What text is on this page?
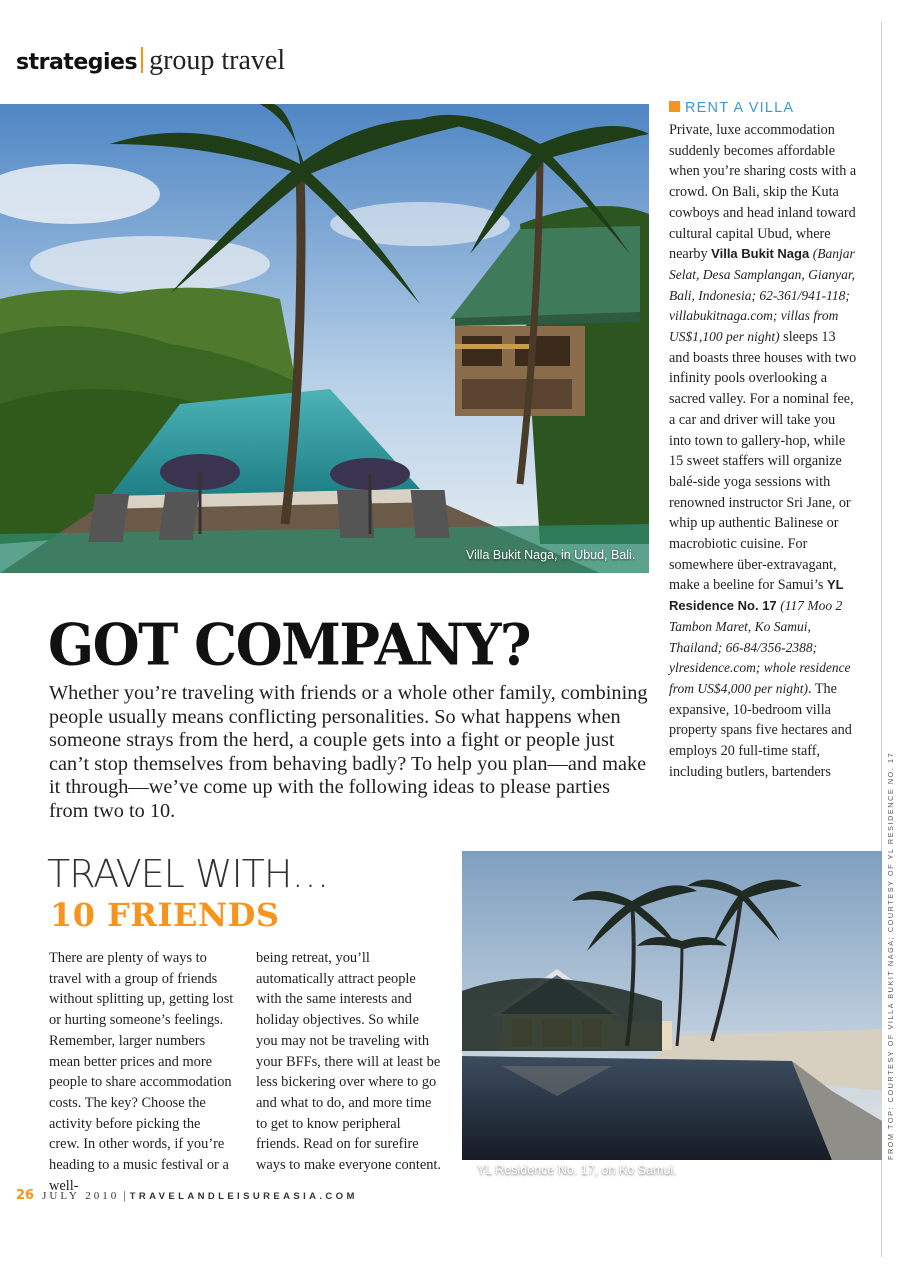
strategies group travel
Villa Bukit Naga, in Ubud, Bali.
RENT A VILLA

Private, luxe accommodation suddenly becomes affordable when you’re sharing costs with a crowd. On Bali, skip the Kuta cowboys and head inland toward cultural capital Ubud, where nearby Villa Bukit Naga (Banjar Selat, Desa Samplangan, Gianyar, Bali, Indonesia; 62-361/941-118; villabukitnaga.com; villas from US$1,100 per night) sleeps 13 and boasts three houses with two infinity pools overlooking a sacred valley. For a nominal fee, a car and driver will take you into town to gallery-hop, while 15 sweet staffers will organize balé-side yoga sessions with renowned instructor Sri Jane, or whip up authentic Balinese or macrobiotic cuisine. For somewhere über-extravagant, make a beeline for Samui’s YL Residence No. 17 (117 Moo 2 Tambon Maret, Ko Samui, Thailand; 66-84/356-2388; ylresidence.com; whole residence from US$4,000 per night). The expansive, 10-bedroom villa property spans five hectares and employs 20 full-time staff, including butlers, bartenders

GOT COMPANY?

Whether you’re traveling with friends or a whole other family, combining people usually means conflicting personalities. So what happens when someone strays from the herd, a couple gets into a fight or people just can’t stop themselves from behaving badly? To help you plan—and make it through—we’ve come up with the following ideas to please parties from two to 10.

TRAVEL WITH…
10 FRIENDS

There are plenty of ways to travel with a group of friends without splitting up, getting lost or hurting someone’s feelings. Remember, larger numbers mean better prices and more people to share accommodation costs. The key? Choose the activity before picking the crew. In other words, if you’re heading to a music festival or a well-

being retreat, you’ll automatically attract people with the same interests and holiday objectives. So while you may not be traveling with your BFFs, there will at least be less bickering over where to go and what to do, and more time to get to know peripheral friends. Read on for surefire ways to make everyone content.	YL Residence No. 17, on Ko Samui.
FROM TOP: COURTESY OF VILLA BUKIT NAGA; COURTESY OF YL RESIDENCE NO. 17
26 JULY 2010 | TRAVELANDLEISUREASIA.COM
